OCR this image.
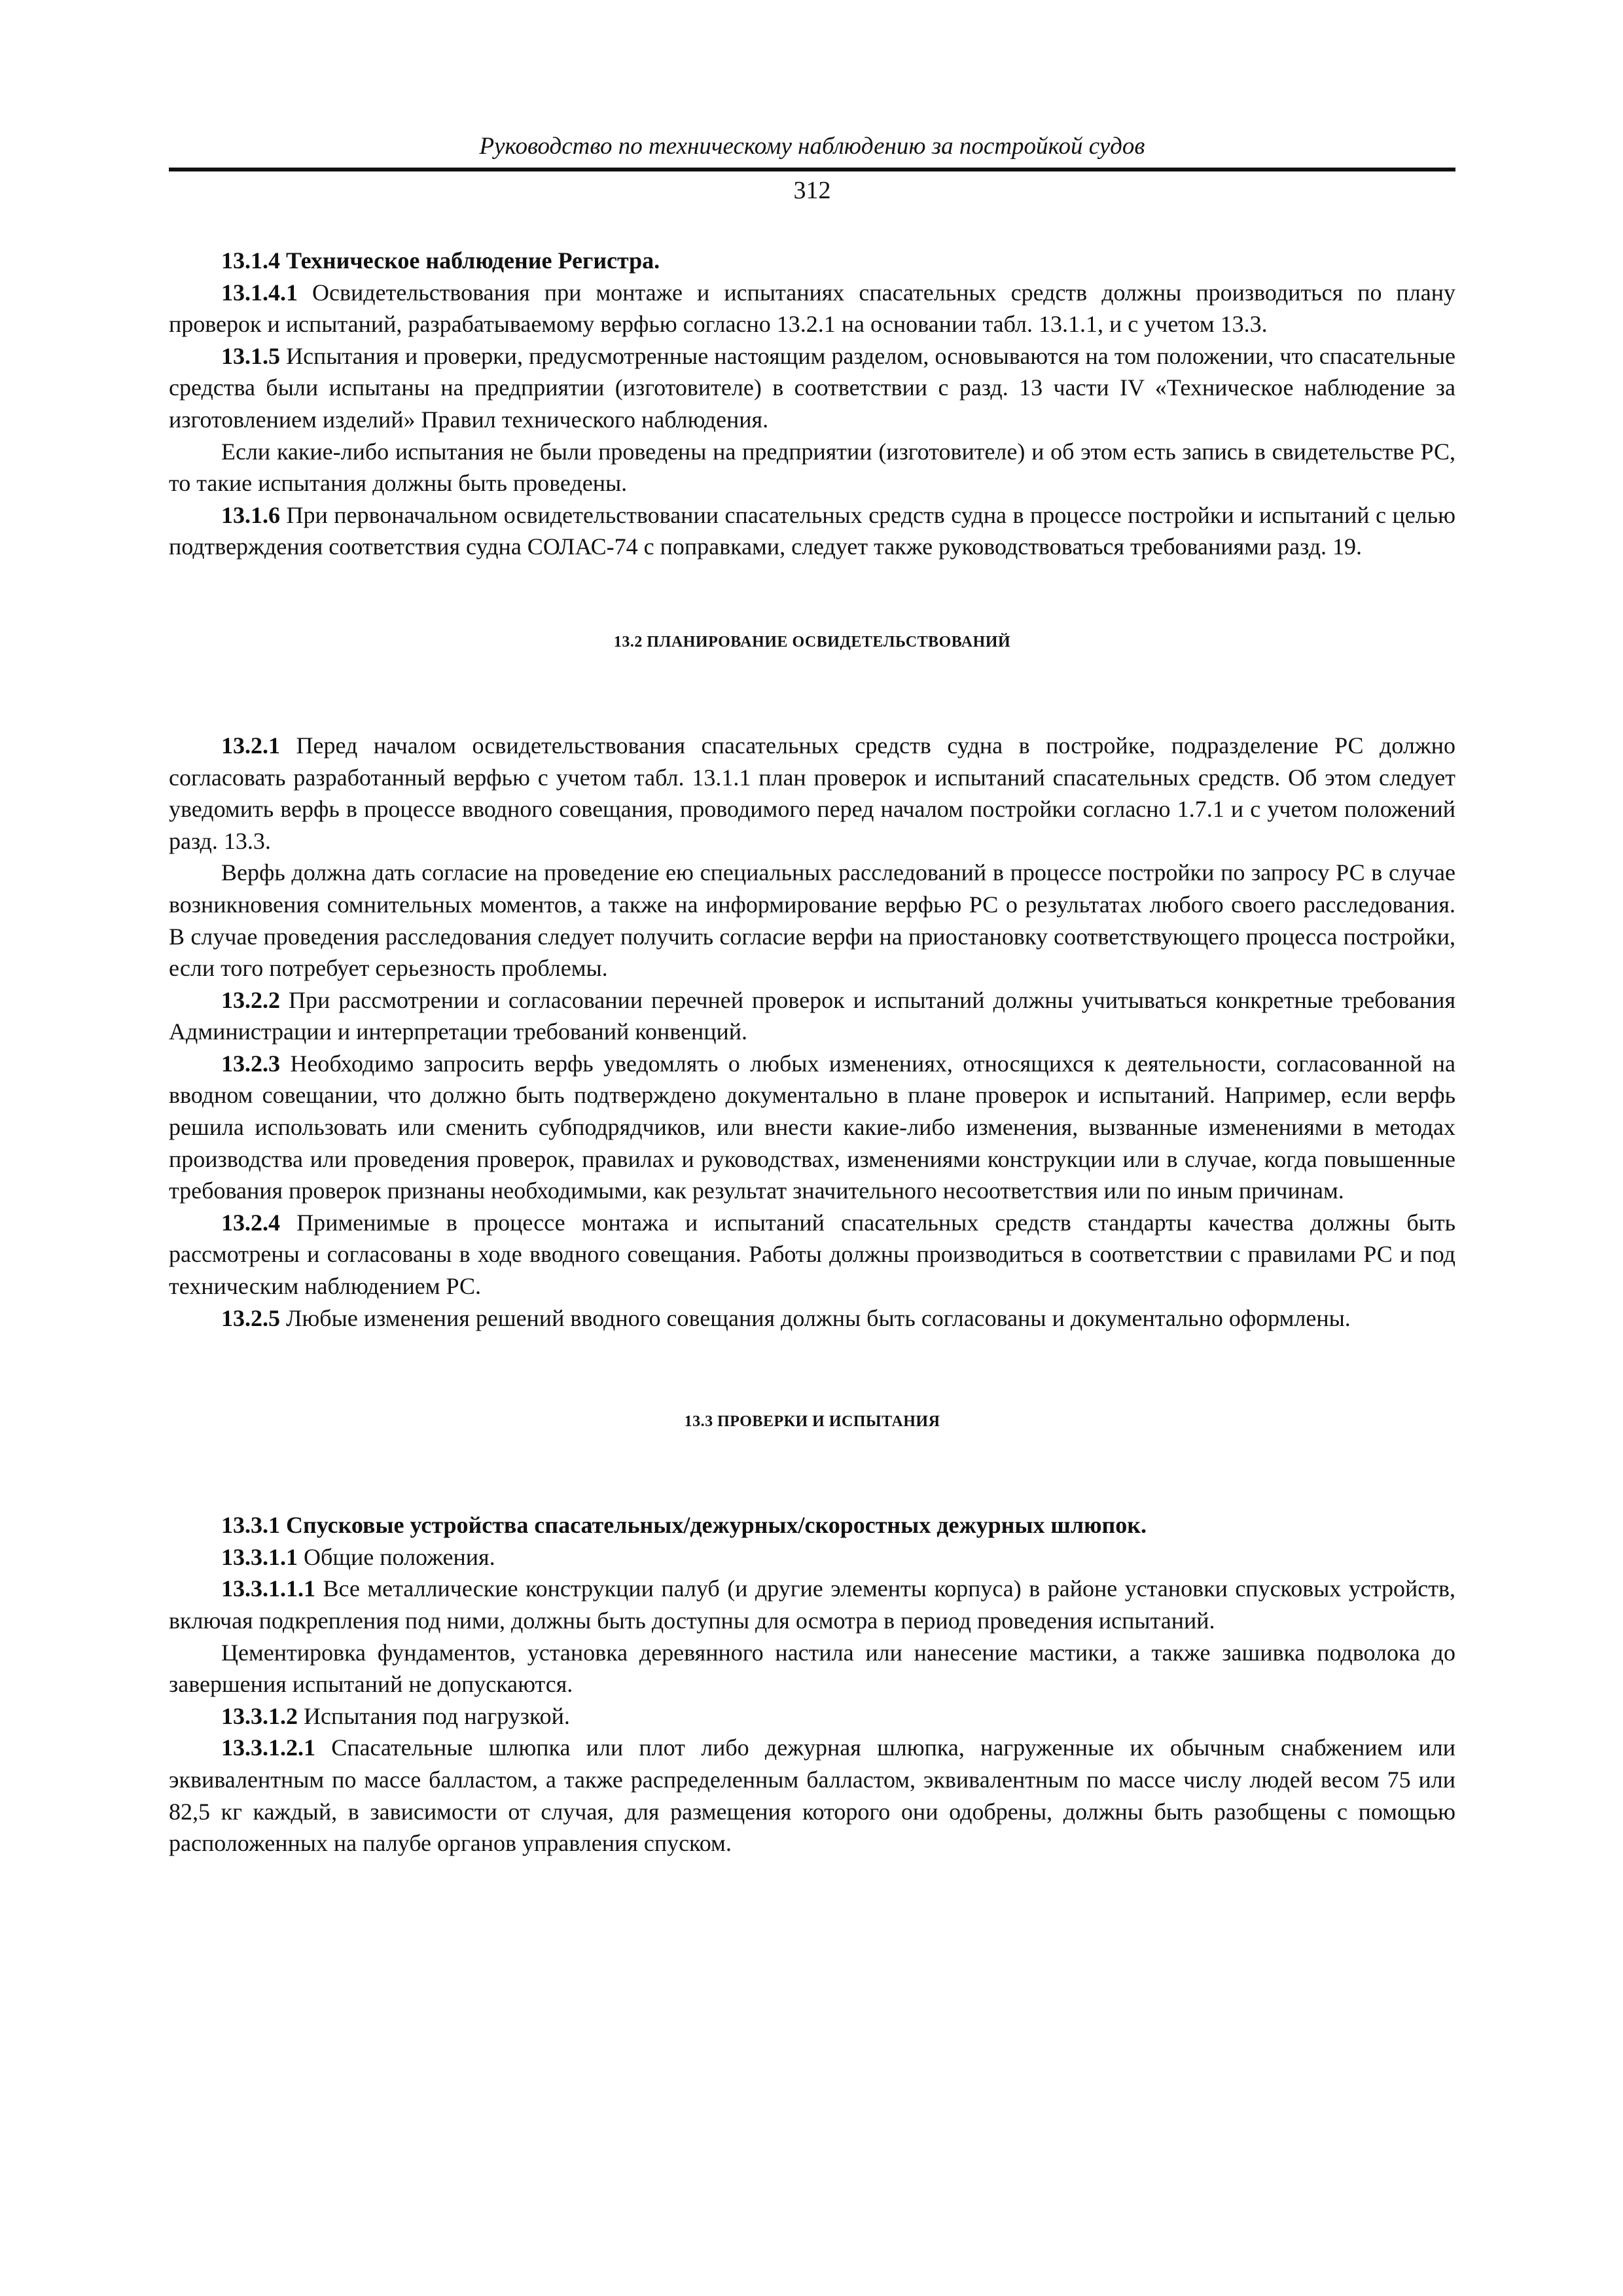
Руководство по техническому наблюдению за постройкой судов
312

13.1.4 Техническое наблюдение Регистра.

13.1.4.1 Освидетельствования при монтаже и испытаниях спасательных средств должны производиться по плану проверок и испытаний, разрабатываемому верфью согласно 13.2.1 на основании табл. 13.1.1, и с учетом 13.3.

13.1.5 Испытания и проверки, предусмотренные настоящим разделом, основываются на том положении, что спасательные средства были испытаны на предприятии (изготовителе) в соответствии с разд. 13 части IV «Техническое наблюдение за изготовлением изделий» Правил технического наблюдения.

Если какие-либо испытания не были проведены на предприятии (изготовителе) и об этом есть запись в свидетельстве РС, то такие испытания должны быть проведены.

13.1.6 При первоначальном освидетельствовании спасательных средств судна в процессе постройки и испытаний с целью подтверждения соответствия судна СОЛАС-74 с поправками, следует также руководствоваться требованиями разд. 19.

13.2 ПЛАНИРОВАНИЕ ОСВИДЕТЕЛЬСТВОВАНИЙ

13.2.1 Перед началом освидетельствования спасательных средств судна в постройке, подразделение РС должно согласовать разработанный верфью с учетом табл. 13.1.1 план проверок и испытаний спасательных средств. Об этом следует уведомить верфь в процессе вводного совещания, проводимого перед началом постройки согласно 1.7.1 и с учетом положений разд. 13.3.

Верфь должна дать согласие на проведение ею специальных расследований в процессе постройки по запросу РС в случае возникновения сомнительных моментов, а также на информирование верфью РС о результатах любого своего расследования. В случае проведения расследования следует получить согласие верфи на приостановку соответствующего процесса постройки, если того потребует серьезность проблемы.

13.2.2 При рассмотрении и согласовании перечней проверок и испытаний должны учитываться конкретные требования Администрации и интерпретации требований конвенций.

13.2.3 Необходимо запросить верфь уведомлять о любых изменениях, относящихся к деятельности, согласованной на вводном совещании, что должно быть подтверждено документально в плане проверок и испытаний. Например, если верфь решила использовать или сменить субподрядчиков, или внести какие-либо изменения, вызванные изменениями в методах производства или проведения проверок, правилах и руководствах, изменениями конструкции или в случае, когда повышенные требования проверок признаны необходимыми, как результат значительного несоответствия или по иным причинам.

13.2.4 Применимые в процессе монтажа и испытаний спасательных средств стандарты качества должны быть рассмотрены и согласованы в ходе вводного совещания. Работы должны производиться в соответствии с правилами РС и под техническим наблюдением РС.

13.2.5 Любые изменения решений вводного совещания должны быть согласованы и документально оформлены.

13.3 ПРОВЕРКИ И ИСПЫТАНИЯ

13.3.1 Спусковые устройства спасательных/дежурных/скоростных дежурных шлюпок.

13.3.1.1 Общие положения.

13.3.1.1.1 Все металлические конструкции палуб (и другие элементы корпуса) в районе установки спусковых устройств, включая подкрепления под ними, должны быть доступны для осмотра в период проведения испытаний.

Цементировка фундаментов, установка деревянного настила или нанесение мастики, а также зашивка подволока до завершения испытаний не допускаются.

13.3.1.2 Испытания под нагрузкой.

13.3.1.2.1 Спасательные шлюпка или плот либо дежурная шлюпка, нагруженные их обычным снабжением или эквивалентным по массе балластом, а также распределенным балластом, эквивалентным по массе числу людей весом 75 или 82,5 кг каждый, в зависимости от случая, для размещения которого они одобрены, должны быть разобщены с помощью расположенных на палубе органов управления спуском.
